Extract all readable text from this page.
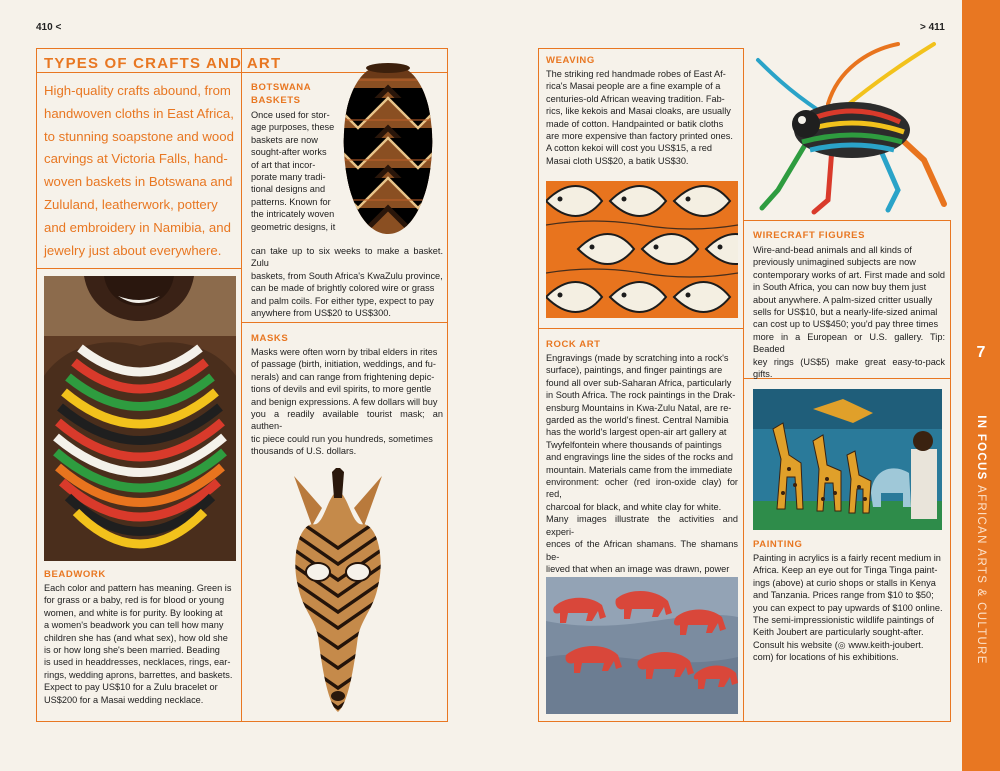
410 <
TYPES OF CRAFTS AND ART
High-quality crafts abound, from handwoven cloths in East Africa, to stunning soapstone and wood carvings at Victoria Falls, hand-woven baskets in Botswana and Zululand, leatherwork, pottery and embroidery in Namibia, and jewelry just about everywhere.
BOTSWANA
BASKETS
Once used for stor-
age purposes, these
baskets are now
sought-after works
of art that incor-
porate many tradi-
tional designs and
patterns. Known for
the intricately woven
geometric designs, it
can take up to six weeks to make a basket. Zulu
baskets, from South Africa's KwaZulu province,
can be made of brightly colored wire or grass
and palm coils. For either type, expect to pay
anywhere from US$20 to US$300.
BEADWORK
Each color and pattern has meaning. Green is
for grass or a baby, red is for blood or young
women, and white is for purity. By looking at
a women's beadwork you can tell how many
children she has (and what sex), how old she
is or how long she's been married. Beading
is used in headdresses, necklaces, rings, ear-
rings, wedding aprons, barrettes, and baskets.
Expect to pay US$10 for a Zulu bracelet or
US$200 for a Masai wedding necklace.
MASKS
Masks were often worn by tribal elders in rites
of passage (birth, initiation, weddings, and fu-
nerals) and can range from frightening depic-
tions of devils and evil spirits, to more gentle
and benign expressions. A few dollars will buy
you a readily available tourist mask; an authen-
tic piece could run you hundreds, sometimes
thousands of U.S. dollars.
> 411
WEAVING
The striking red handmade robes of East Af-
rica's Masai people are a fine example of a
centuries-old African weaving tradition. Fab-
rics, like kekois and Masai cloaks, are usually
made of cotton. Handpainted or batik cloths
are more expensive than factory printed ones.
A cotton kekoi will cost you US$15, a red
Masai cloth US$20, a batik US$30.
ROCK ART
Engravings (made by scratching into a rock's
surface), paintings, and finger paintings are
found all over sub-Saharan Africa, particularly
in South Africa. The rock paintings in the Drak-
ensburg Mountains in Kwa-Zulu Natal, are re-
garded as the world's finest. Central Namibia
has the world's largest open-air art gallery at
Twyfelfontein where thousands of paintings
and engravings line the sides of the rocks and
mountain. Materials came from the immediate
environment: ocher (red iron-oxide clay) for red,
charcoal for black, and white clay for white.
Many images illustrate the activities and experi-
ences of the African shamans. The shamans be-
lieved that when an image was drawn, power
WIRECRAFT FIGURES
Wire-and-bead animals and all kinds of
previously unimagined subjects are now
contemporary works of art. First made and sold
in South Africa, you can now buy them just
about anywhere. A palm-sized critter usually
sells for US$10, but a nearly-life-sized animal
can cost up to US$450; you'd pay three times
more in a European or U.S. gallery. Tip: Beaded
key rings (US$5) make great easy-to-pack gifts.
PAINTING
Painting in acrylics is a fairly recent medium in
Africa. Keep an eye out for Tinga Tinga paint-
ings (above) at curio shops or stalls in Kenya
and Tanzania. Prices range from $10 to $50;
you can expect to pay upwards of $100 online.
The semi-impressionistic wildlife paintings of
Keith Joubert are particularly sought-after.
Consult his website (◎ www.keith-joubert.
com) for locations of his exhibitions.
7
IN FOCUS AFRICAN ARTS & CULTURE
